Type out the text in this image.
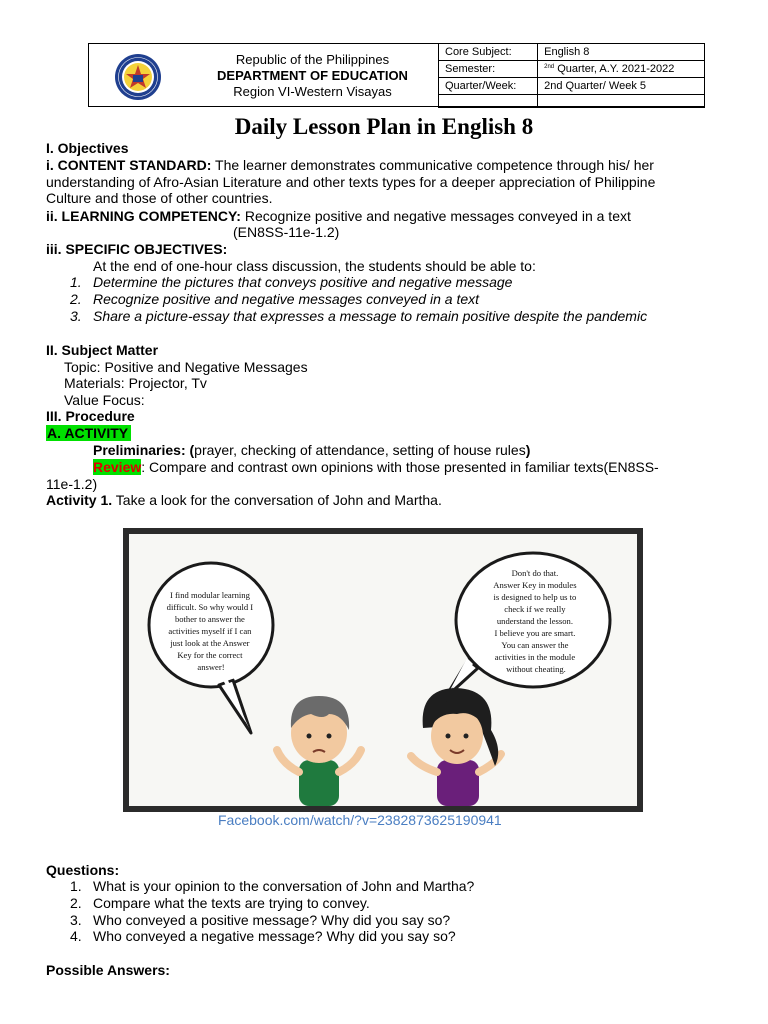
Republic of the Philippines
DEPARTMENT OF EDUCATION
Region VI-Western Visayas
Core Subject:	English 8
Semester:	$^{2nd}$ Quarter, A.Y. 2021-2022
Quarter/Week:	2nd Quarter/ Week 5

Daily Lesson Plan in English 8
I. Objectives
i. CONTENT STANDARD: The learner demonstrates communicative competence through his/ her
understanding of Afro-Asian Literature and other texts types for a deeper appreciation of Philippine
Culture and those of other countries.
ii. LEARNING COMPETENCY: Recognize positive and negative messages conveyed in a text
(EN8SS-11e-1.2)
iii. SPECIFIC OBJECTIVES:
At the end of one-hour class discussion, the students should be able to:
1. Determine the pictures that conveys positive and negative message
2. Recognize positive and negative messages conveyed in a text
3. Share a picture-essay that expresses a message to remain positive despite the pandemic
II. Subject Matter
Topic: Positive and Negative Messages
Materials: Projector, Tv
Value Focus:
III. Procedure
A. ACTIVITY
Preliminaries: (prayer, checking of attendance, setting of house rules)
Review: Compare and contrast own opinions with those presented in familiar texts(EN8SS-
11e-1.2)
Activity 1. Take a look for the conversation of John and Martha.
I find modular learning difficult. So why would I bother to answer the activities myself if I can just look at the Answer Key for the correct answer!
Don't do that. Answer Key in modules is designed to help us to check if we really understand the lesson. I believe you are smart. You can answer the activities in the module without cheating.
Facebook.com/watch/?v=2382873625190941
Questions:
1. What is your opinion to the conversation of John and Martha?
2. Compare what the texts are trying to convey.
3. Who conveyed a positive message? Why did you say so?
4. Who conveyed a negative message? Why did you say so?
Possible Answers:
